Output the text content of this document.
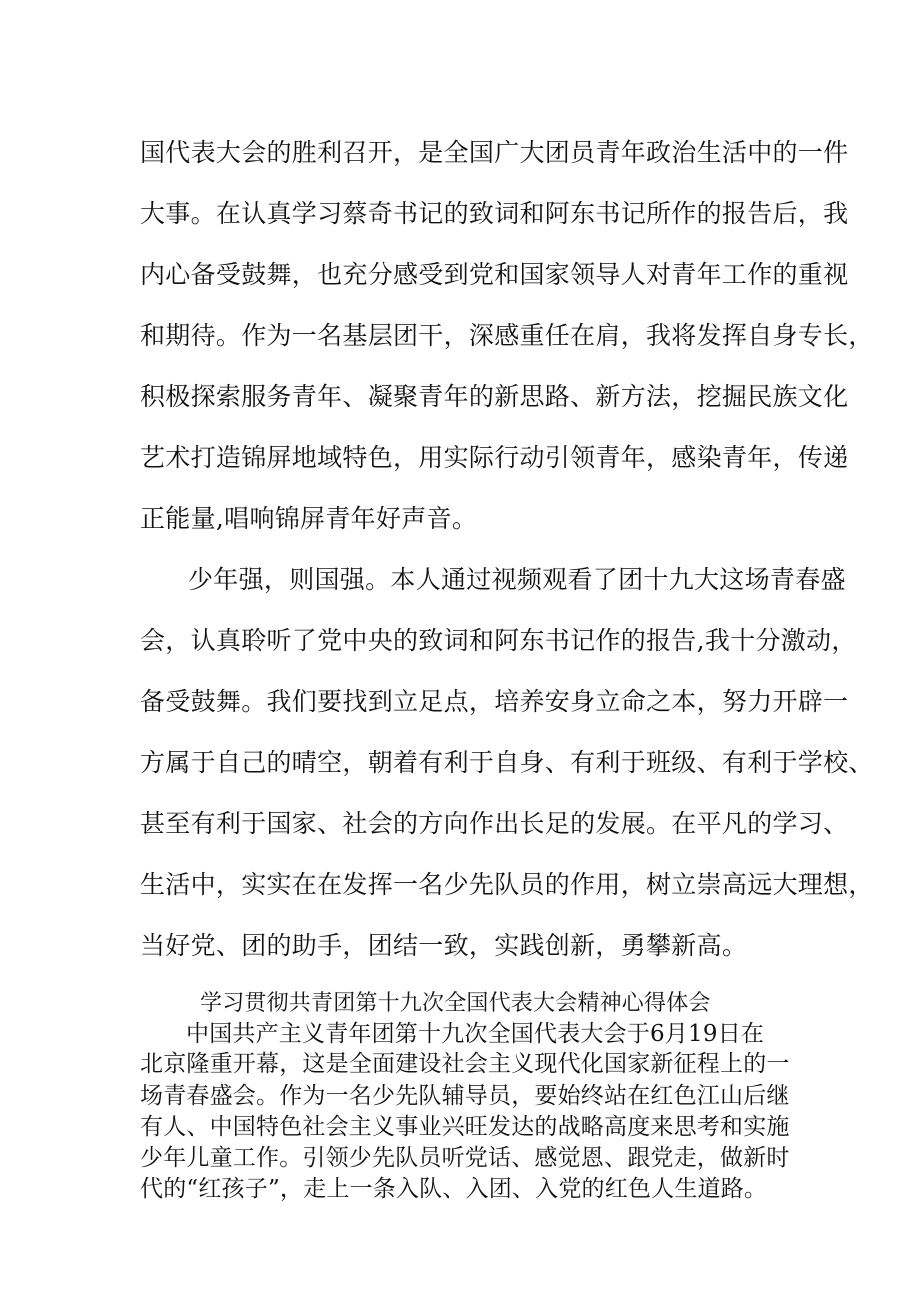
国代表大会的胜利召开，是全国广大团员青年政治生活中的一件
大事。在认真学习蔡奇书记的致词和阿东书记所作的报告后，我
内心备受鼓舞，也充分感受到党和国家领导人对青年工作的重视
和期待。作为一名基层团干，深感重任在肩，我将发挥自身专长，
积极探索服务青年、凝聚青年的新思路、新方法，挖掘民族文化
艺术打造锦屏地域特色，用实际行动引领青年，感染青年，传递
正能量,唱响锦屏青年好声音。
少年强，则国强。本人通过视频观看了团十九大这场青春盛
会，认真聆听了党中央的致词和阿东书记作的报告,我十分激动，
备受鼓舞。我们要找到立足点，培养安身立命之本，努力开辟一
方属于自己的晴空，朝着有利于自身、有利于班级、有利于学校、
甚至有利于国家、社会的方向作出长足的发展。在平凡的学习、
生活中，实实在在发挥一名少先队员的作用，树立崇高远大理想，
当好党、团的助手，团结一致，实践创新，勇攀新高。
学习贯彻共青团第十九次全国代表大会精神心得体会
中国共产主义青年团第十九次全国代表大会于6月19日在
北京隆重开幕，这是全面建设社会主义现代化国家新征程上的一
场青春盛会。作为一名少先队辅导员，要始终站在红色江山后继
有人、中国特色社会主义事业兴旺发达的战略高度来思考和实施
少年儿童工作。引领少先队员听党话、感觉恩、跟党走，做新时
代的“红孩子”，走上一条入队、入团、入党的红色人生道路。
